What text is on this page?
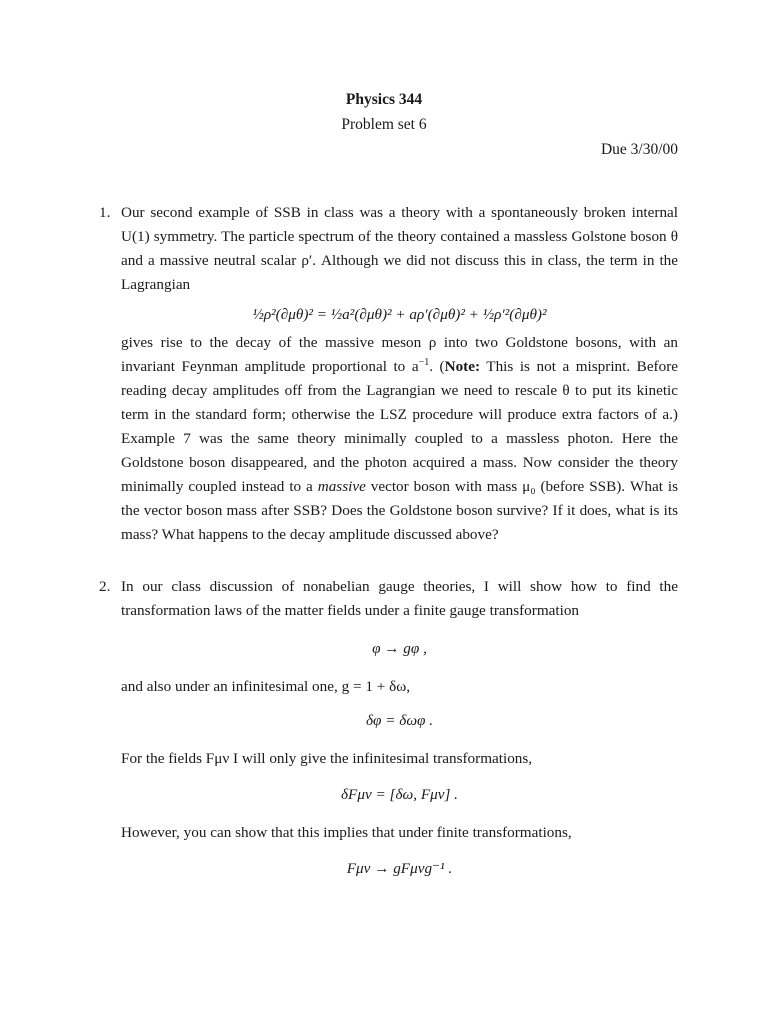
Physics 344
Problem set 6
Due 3/30/00
1. Our second example of SSB in class was a theory with a spontaneously broken internal U(1) symmetry. The particle spectrum of the theory contained a massless Golstone boson θ and a massive neutral scalar ρ′. Although we did not discuss this in class, the term in the Lagrangian

½ρ²(∂μθ)² = ½a²(∂μθ)² + aρ′(∂μθ)² + ½ρ′²(∂μθ)²

gives rise to the decay of the massive meson ρ into two Goldstone bosons, with an invariant Feynman amplitude proportional to $a^{-1}$. (Note: This is not a misprint. Before reading decay amplitudes off from the Lagrangian we need to rescale θ to put its kinetic term in the standard form; otherwise the LSZ procedure will produce extra factors of a.) Example 7 was the same theory minimally coupled to a massless photon. Here the Goldstone boson disappeared, and the photon acquired a mass. Now consider the theory minimally coupled instead to a massive vector boson with mass μ₀ (before SSB). What is the vector boson mass after SSB? Does the Goldstone boson survive? If it does, what is its mass? What happens to the decay amplitude discussed above?

2. In our class discussion of nonabelian gauge theories, I will show how to find the transformation laws of the matter fields under a finite gauge transformation

φ → gφ ,

and also under an infinitesimal one, g = 1 + δω,

δφ = δωφ .

For the fields Fμν I will only give the infinitesimal transformations,

δFμν = [δω, Fμν] .

However, you can show that this implies that under finite transformations,

Fμν → gFμνg⁻¹ .
